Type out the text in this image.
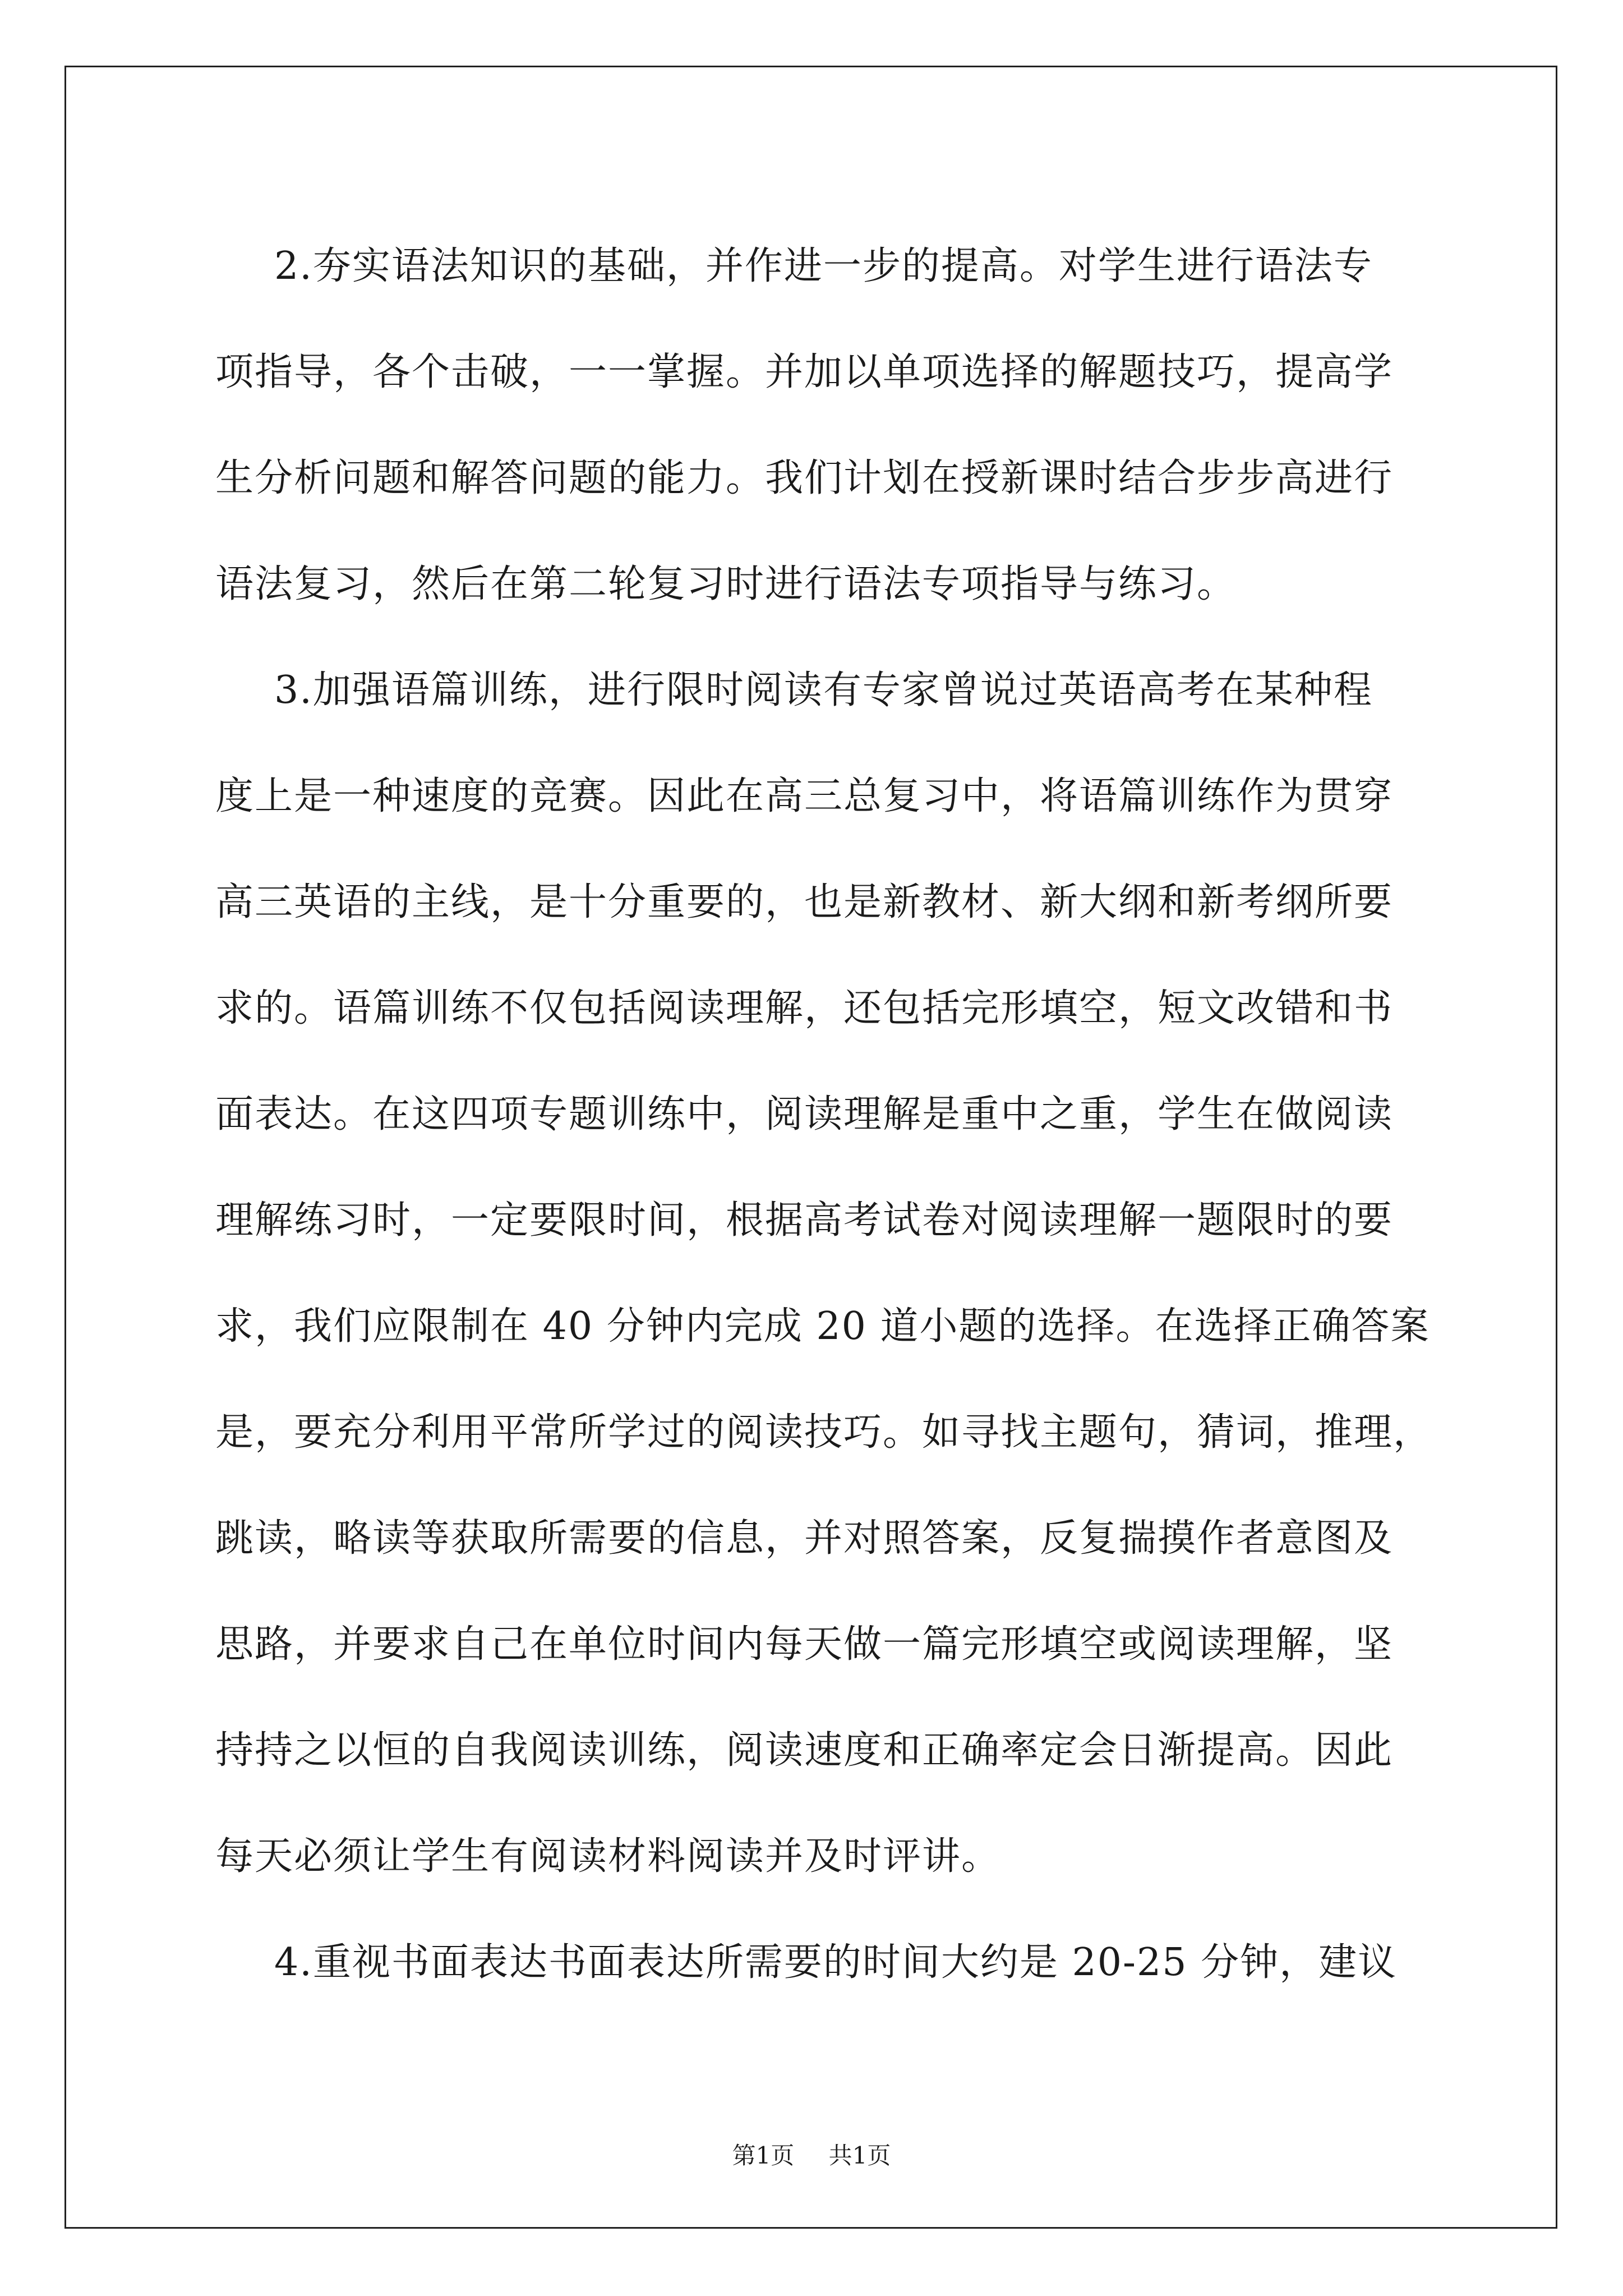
2.夯实语法知识的基础，并作进一步的提高。对学生进行语法专
项指导，各个击破，一一掌握。并加以单项选择的解题技巧，提高学
生分析问题和解答问题的能力。我们计划在授新课时结合步步高进行
语法复习，然后在第二轮复习时进行语法专项指导与练习。
3.加强语篇训练，进行限时阅读有专家曾说过英语高考在某种程
度上是一种速度的竞赛。因此在高三总复习中，将语篇训练作为贯穿
高三英语的主线，是十分重要的，也是新教材、新大纲和新考纲所要
求的。语篇训练不仅包括阅读理解，还包括完形填空，短文改错和书
面表达。在这四项专题训练中，阅读理解是重中之重，学生在做阅读
理解练习时，一定要限时间，根据高考试卷对阅读理解一题限时的要
求，我们应限制在 40 分钟内完成 20 道小题的选择。在选择正确答案
是，要充分利用平常所学过的阅读技巧。如寻找主题句，猜词，推理，
跳读，略读等获取所需要的信息，并对照答案，反复揣摸作者意图及
思路，并要求自己在单位时间内每天做一篇完形填空或阅读理解，坚
持持之以恒的自我阅读训练，阅读速度和正确率定会日渐提高。因此
每天必须让学生有阅读材料阅读并及时评讲。
4.重视书面表达书面表达所需要的时间大约是 20-25 分钟，建议
第1页 共1页
